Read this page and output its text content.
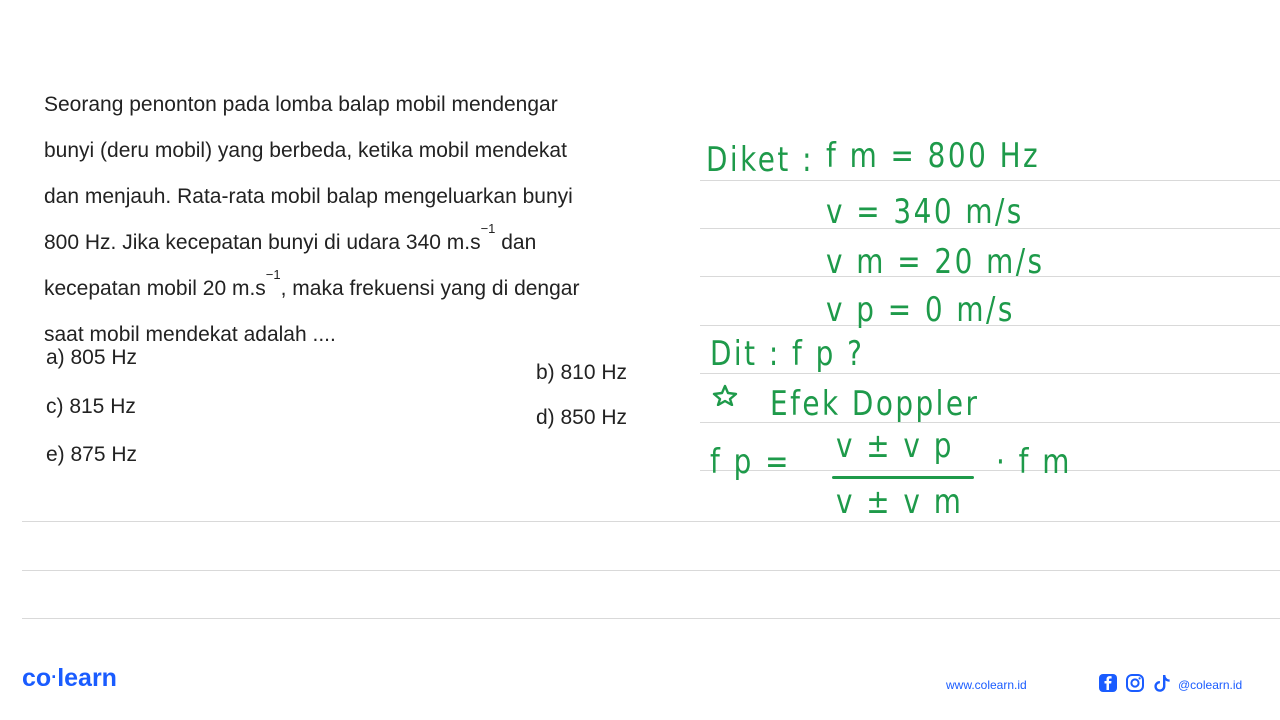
Seorang penonton pada lomba balap mobil mendengar
bunyi (deru mobil) yang berbeda, ketika mobil mendekat
dan menjauh. Rata-rata mobil balap mengeluarkan bunyi
800 Hz. Jika kecepatan bunyi di udara 340 $m.s^{-1}$ dan
kecepatan mobil 20 $m.s^{-1}$, maka frekuensi yang di dengar
saat mobil mendekat adalah ....
a) 805 Hz
b) 810 Hz
c) 815 Hz	d) 850 Hz
e) 875 Hz
Diket : f m = 800 Hz
v = 340 m/s
v m = 20 m/s
v p = 0 m/s
Dit : f p ?
Efek Doppler
f p = v ± v p
v ± v m
· f m
co·learn	www.colearn.id	@colearn.id
